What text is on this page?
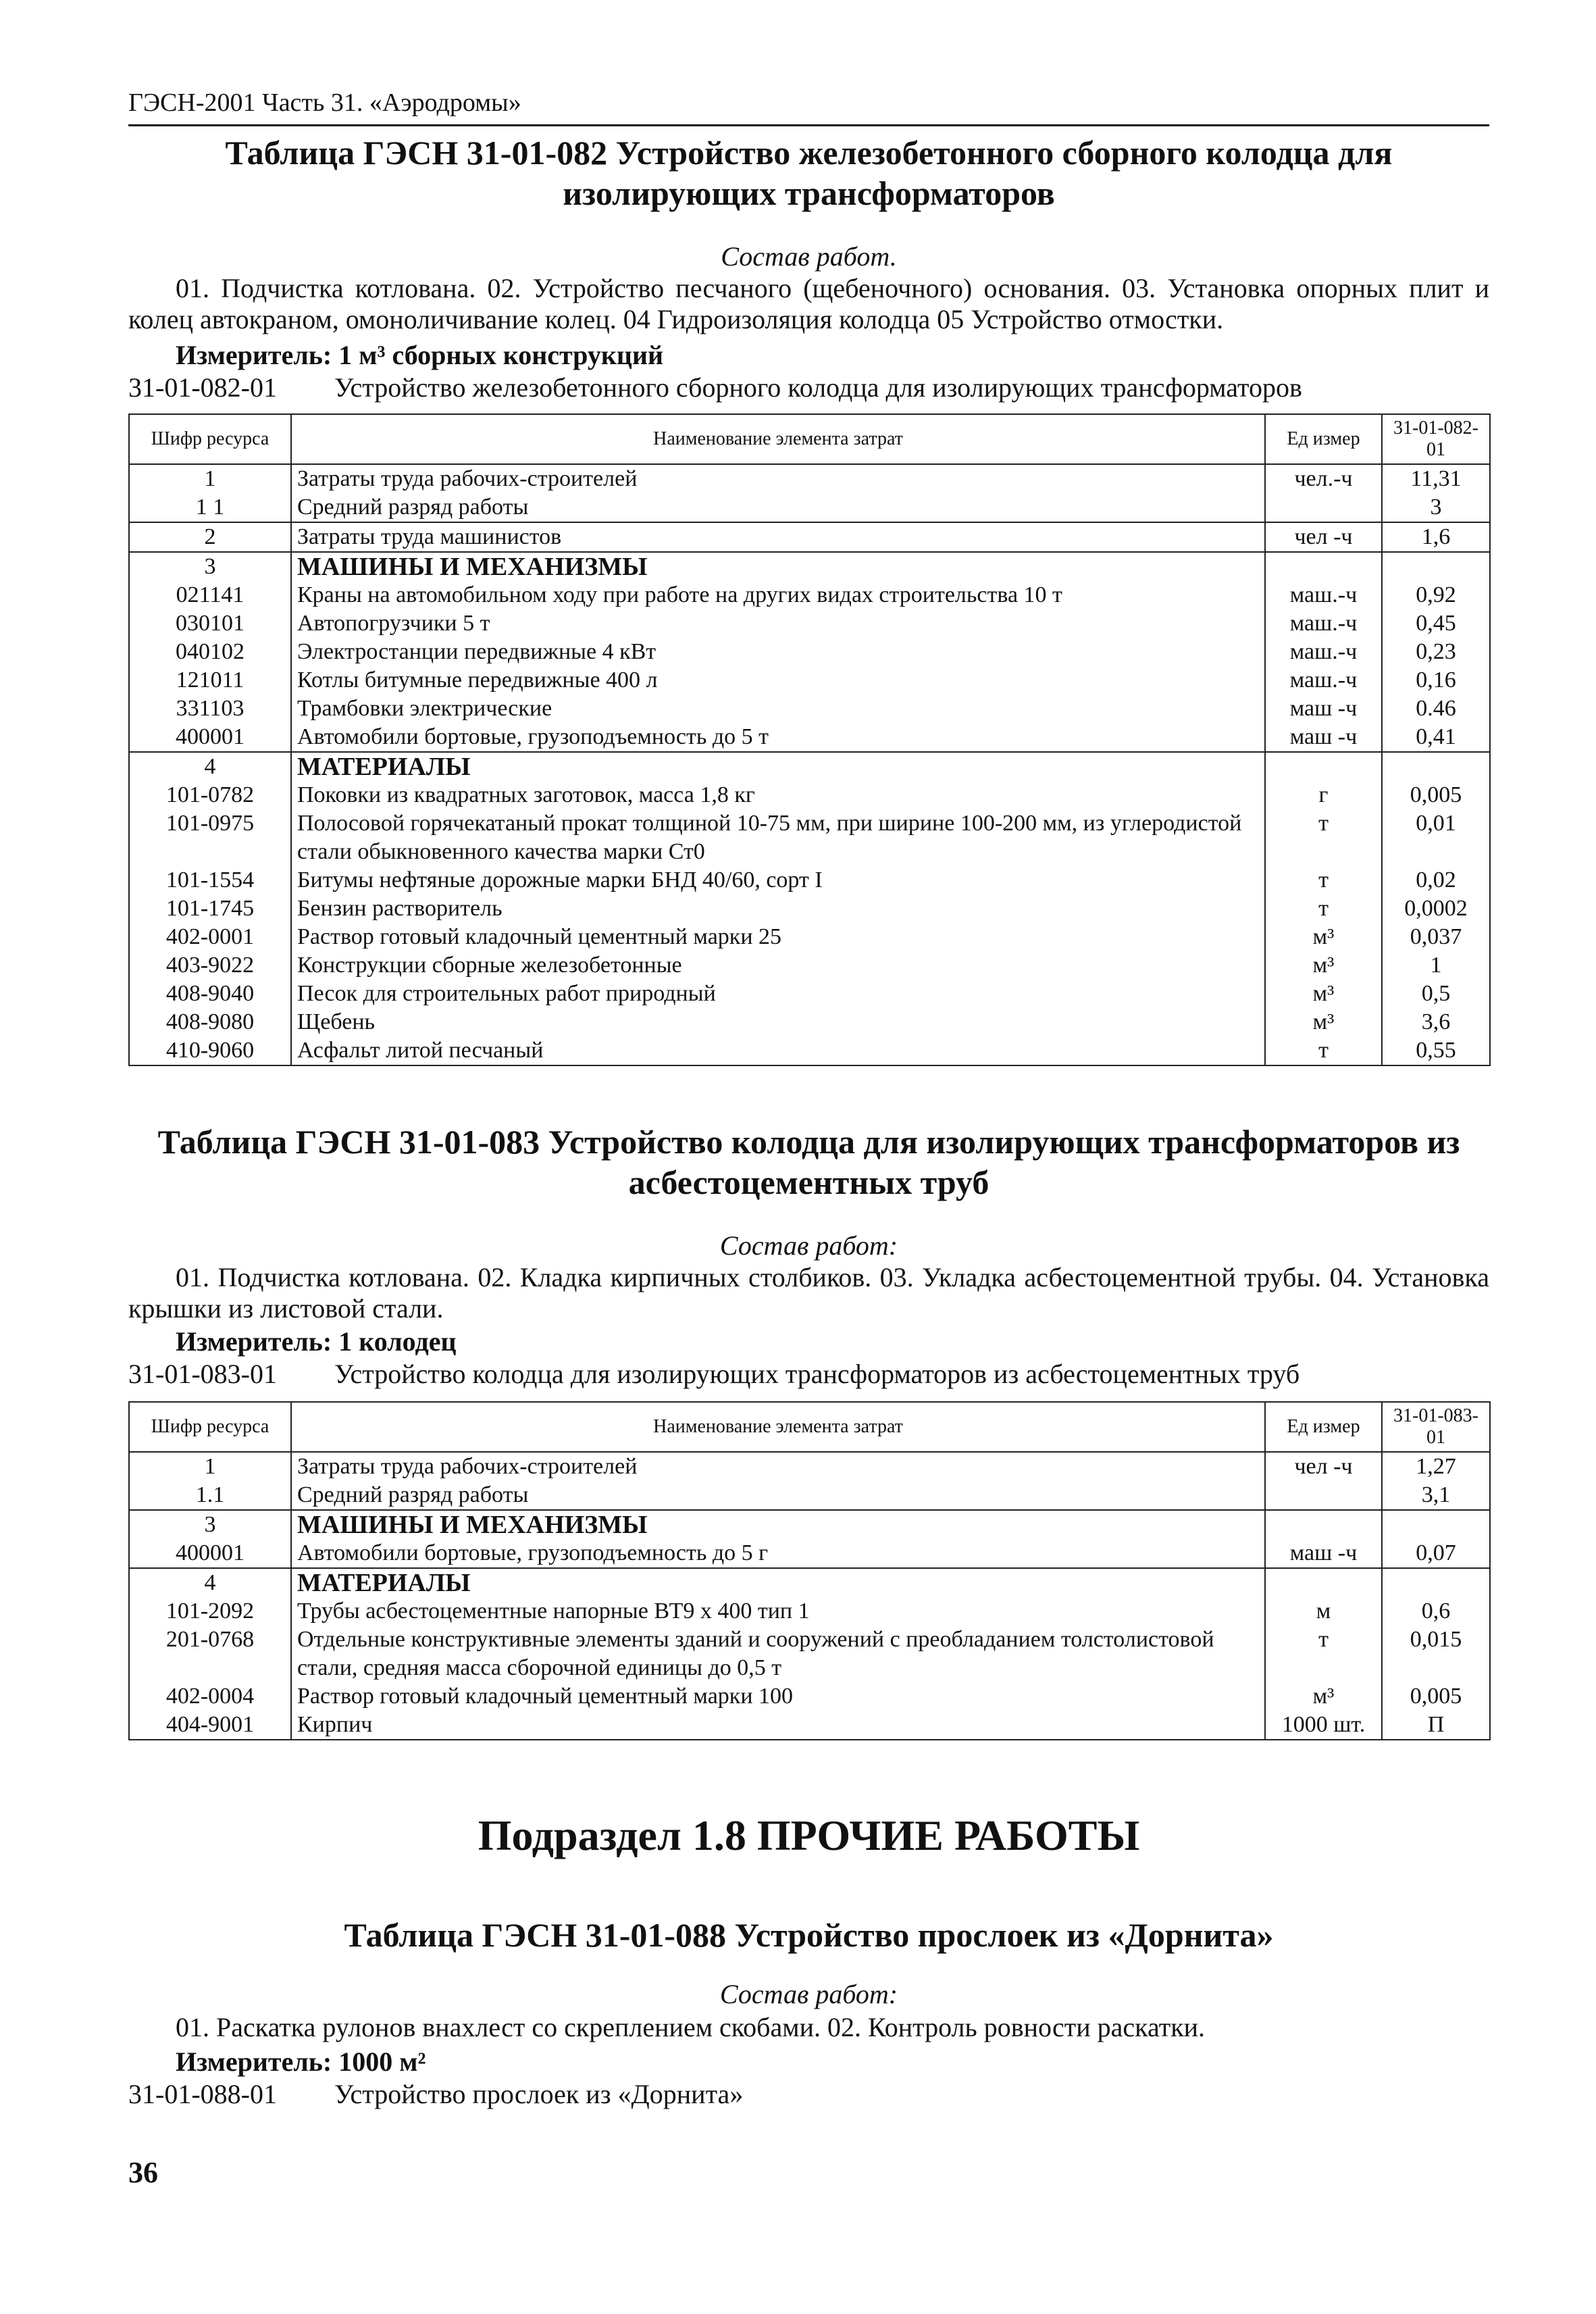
ГЭСН-2001 Часть 31. «Аэродромы»
Таблица ГЭСН 31-01-082 Устройство железобетонного сборного колодца для изолирующих трансформаторов
Состав работ.
01. Подчистка котлована. 02. Устройство песчаного (щебеночного) основания. 03. Установка опорных плит и колец автокраном, омоноличивание колец. 04 Гидроизоляция колодца 05 Устройство отмостки.
Измеритель: 1 м³ сборных конструкций
31-01-082-01 Устройство железобетонного сборного колодца для изолирующих трансформаторов
Шифр ресурса	Наименование элемента затрат	Ед измер	31-01-082-01
1	Затраты труда рабочих-строителей	чел.-ч	11,31
1 1	Средний разряд работы		3
2	Затраты труда машинистов	чел -ч	1,6
3	МАШИНЫ И МЕХАНИЗМЫ		
021141	Краны на автомобильном ходу при работе на других видах строительства 10 т	маш.-ч	0,92
030101	Автопогрузчики 5 т	маш.-ч	0,45
040102	Электростанции передвижные 4 кВт	маш.-ч	0,23
121011	Котлы битумные передвижные 400 л	маш.-ч	0,16
331103	Трамбовки электрические	маш -ч	0.46
400001	Автомобили бортовые, грузоподъемность до 5 т	маш -ч	0,41
4	МАТЕРИАЛЫ		
101-0782	Поковки из квадратных заготовок, масса 1,8 кг	г	0,005
101-0975	Полосовой горячекатаный прокат толщиной 10-75 мм, при ширине 100-200 мм, из углеродистой стали обыкновенного качества марки Ст0	т	0,01
101-1554	Битумы нефтяные дорожные марки БНД 40/60, сорт I	т	0,02
101-1745	Бензин растворитель	т	0,0002
402-0001	Раствор готовый кладочный цементный марки 25	м³	0,037
403-9022	Конструкции сборные железобетонные	м³	1
408-9040	Песок для строительных работ природный	м³	0,5
408-9080	Щебень	м³	3,6
410-9060	Асфальт литой песчаный	т	0,55
Таблица ГЭСН 31-01-083 Устройство колодца для изолирующих трансформаторов из асбестоцементных труб
Состав работ:
01. Подчистка котлована. 02. Кладка кирпичных столбиков. 03. Укладка асбестоцементной трубы. 04. Установка крышки из листовой стали.
Измеритель: 1 колодец
31-01-083-01 Устройство колодца для изолирующих трансформаторов из асбестоцементных труб
Шифр ресурса	Наименование элемента затрат	Ед измер	31-01-083-01
1	Затраты труда рабочих-строителей	чел -ч	1,27
1.1	Средний разряд работы		3,1
3	МАШИНЫ И МЕХАНИЗМЫ		
400001	Автомобили бортовые, грузоподъемность до 5 г	маш -ч	0,07
4	МАТЕРИАЛЫ		
101-2092	Трубы асбестоцементные напорные ВТ9 х 400 тип 1	м	0,6
201-0768	Отдельные конструктивные элементы зданий и сооружений с преобладанием толстолистовой стали, средняя масса сборочной единицы до 0,5 т	т	0,015
402-0004	Раствор готовый кладочный цементный марки 100	м³	0,005
404-9001	Кирпич	1000 шт.	П
Подраздел 1.8 ПРОЧИЕ РАБОТЫ
Таблица ГЭСН 31-01-088 Устройство прослоек из «Дорнита»
Состав работ:
01. Раскатка рулонов внахлест со скреплением скобами. 02. Контроль ровности раскатки.
Измеритель: 1000 м²
31-01-088-01 Устройство прослоек из «Дорнита»
36
